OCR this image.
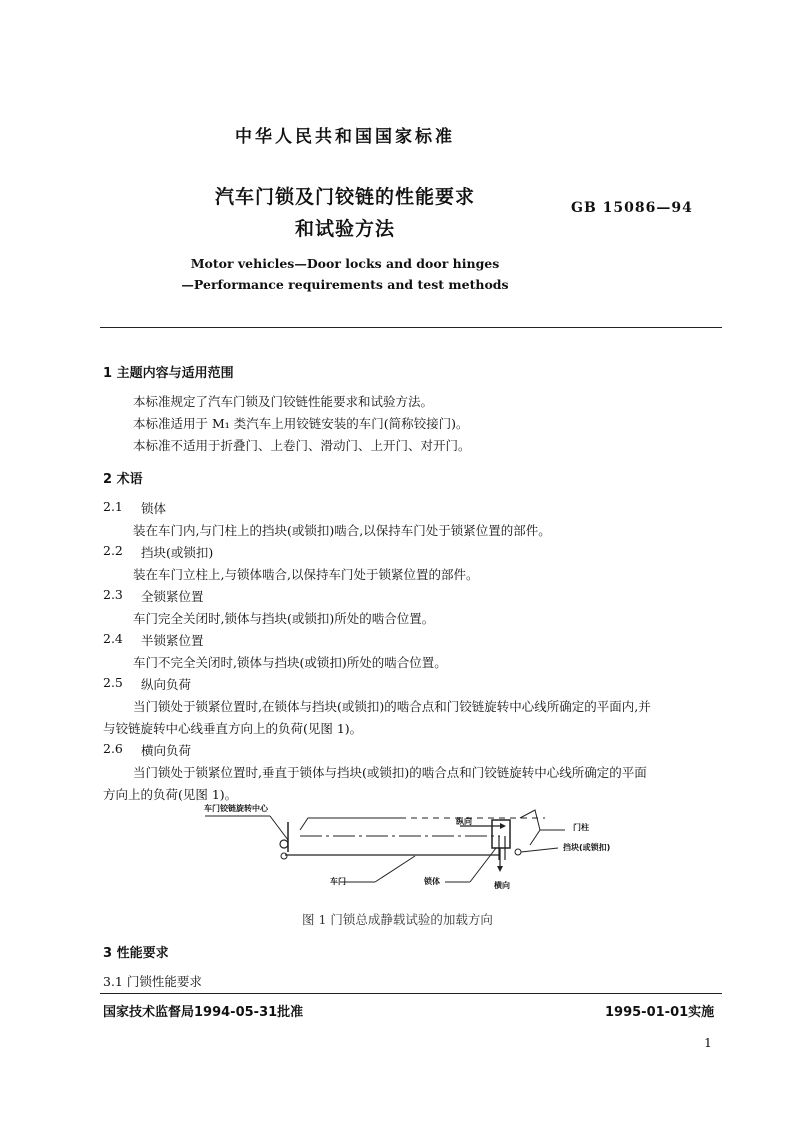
中华人民共和国国家标准
汽车门锁及门铰链的性能要求
和试验方法
GB 15086—94
Motor vehicles—Door locks and door hinges
—Performance requirements and test methods
1 主题内容与适用范围
本标准规定了汽车门锁及门铰链性能要求和试验方法。
本标准适用于 M₁ 类汽车上用铰链安装的车门(简称铰接门)。
本标准不适用于折叠门、上卷门、滑动门、上开门、对开门。
2 术语
2.1 锁体
装在车门内,与门柱上的挡块(或锁扣)啮合,以保持车门处于锁紧位置的部件。
2.2 挡块(或锁扣)
装在车门立柱上,与锁体啮合,以保持车门处于锁紧位置的部件。
2.3 全锁紧位置
车门完全关闭时,锁体与挡块(或锁扣)所处的啮合位置。
2.4 半锁紧位置
车门不完全关闭时,锁体与挡块(或锁扣)所处的啮合位置。
2.5 纵向负荷
当门锁处于锁紧位置时,在锁体与挡块(或锁扣)的啮合点和门铰链旋转中心线所确定的平面内,并
与铰链旋转中心线垂直方向上的负荷(见图 1)。
2.6 横向负荷
当门锁处于锁紧位置时,垂直于锁体与挡块(或锁扣)的啮合点和门铰链旋转中心线所确定的平面
方向上的负荷(见图 1)。
车门铰链旋转中心
纵向
门柱
挡块(或锁扣)
车门	锁体	横向
图 1 门锁总成静载试验的加载方向
3 性能要求
3.1 门锁性能要求
国家技术监督局1994-05-31批准	1995-01-01实施
1
